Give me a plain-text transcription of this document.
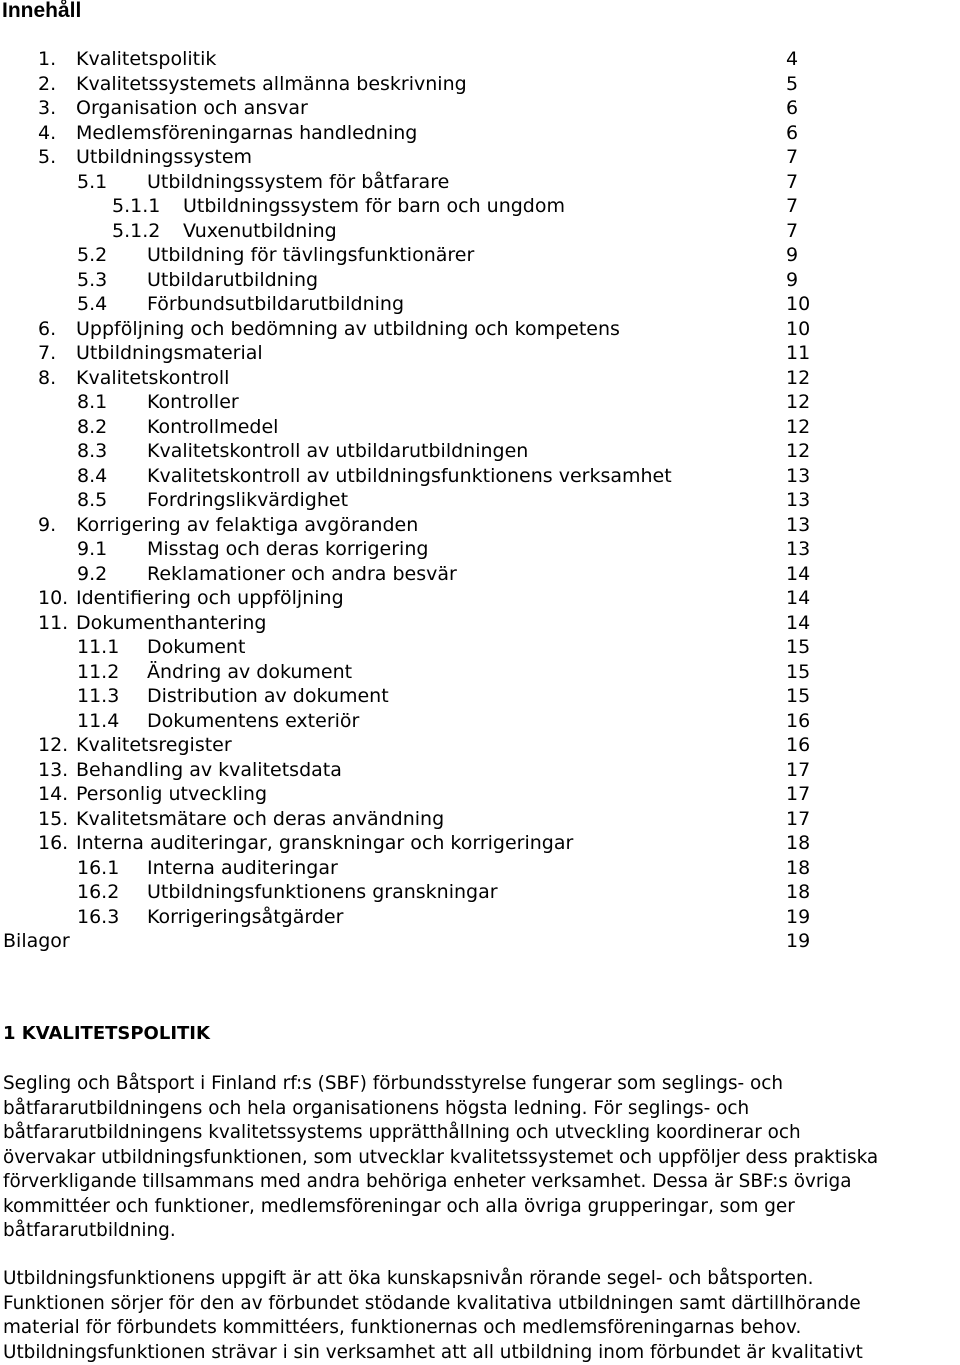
Innehåll
1. Kvalitetspolitik	4
2. Kvalitetssystemets allmänna beskrivning	5
3. Organisation och ansvar	6
4. Medlemsföreningarnas handledning	6
5. Utbildningssystem	7
5.1 Utbildningssystem för båtfarare	7
5.1.1 Utbildningssystem för barn och ungdom	7
5.1.2 Vuxenutbildning	7
5.2 Utbildning för tävlingsfunktionärer	9
5.3 Utbildarutbildning	9
5.4 Förbundsutbildarutbildning	10
6. Uppföljning och bedömning av utbildning och kompetens	10
7. Utbildningsmaterial	11
8. Kvalitetskontroll	12
8.1 Kontroller	12
8.2 Kontrollmedel	12
8.3 Kvalitetskontroll av utbildarutbildningen	12
8.4 Kvalitetskontroll av utbildningsfunktionens verksamhet	13
8.5 Fordringslikvärdighet	13
9. Korrigering av felaktiga avgöranden	13
9.1 Misstag och deras korrigering	13
9.2 Reklamationer och andra besvär	14
10. Identifiering och uppföljning	14
11. Dokumenthantering	14
11.1 Dokument	15
11.2 Ändring av dokument	15
11.3 Distribution av dokument	15
11.4 Dokumentens exteriör	16
12. Kvalitetsregister	16
13. Behandling av kvalitetsdata	17
14. Personlig utveckling	17
15. Kvalitetsmätare och deras användning	17
16. Interna auditeringar, granskningar och korrigeringar	18
16.1 Interna auditeringar	18
16.2 Utbildningsfunktionens granskningar	18
16.3 Korrigeringsåtgärder	19
Bilagor	19
1 KVALITETSPOLITIK

Segling och Båtsport i Finland rf:s (SBF) förbundsstyrelse fungerar som seglings- och
båtfararutbildningens och hela organisationens högsta ledning. För seglings- och
båtfararutbildningens kvalitetssystems upprätthållning och utveckling koordinerar och
övervakar utbildningsfunktionen, som utvecklar kvalitetssystemet och uppföljer dess praktiska
förverkligande tillsammans med andra behöriga enheter verksamhet. Dessa är SBF:s övriga
kommittéer och funktioner, medlemsföreningar och alla övriga grupperingar, som ger
båtfararutbildning.

Utbildningsfunktionens uppgift är att öka kunskapsnivån rörande segel- och båtsporten.
Funktionen sörjer för den av förbundet stödande kvalitativa utbildningen samt därtillhörande
material för förbundets kommittéers, funktionernas och medlemsföreningarnas behov.
Utbildningsfunktionen strävar i sin verksamhet att all utbildning inom förbundet är kvalitativt
